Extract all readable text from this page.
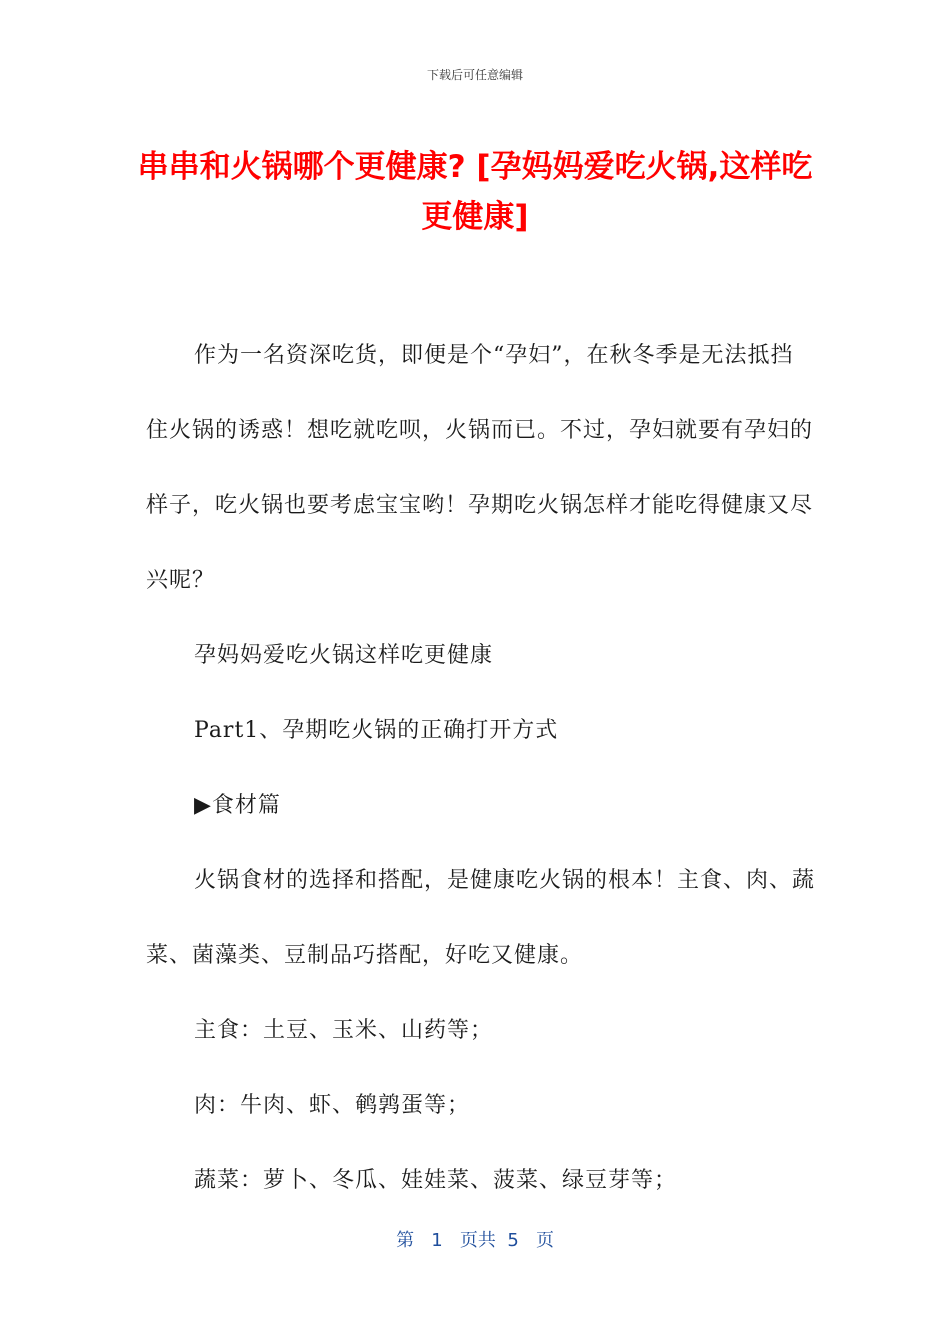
下载后可任意编辑
串串和火锅哪个更健康? [孕妈妈爱吃火锅,这样吃更健康]

作为一名资深吃货，即便是个“孕妇”，在秋冬季是无法抵挡住火锅的诱惑！想吃就吃呗，火锅而已。不过，孕妇就要有孕妇的样子，吃火锅也要考虑宝宝哟！孕期吃火锅怎样才能吃得健康又尽兴呢？

孕妈妈爱吃火锅这样吃更健康

Part1、孕期吃火锅的正确打开方式

▶食材篇

火锅食材的选择和搭配，是健康吃火锅的根本！主食、肉、蔬菜、菌藻类、豆制品巧搭配，好吃又健康。

主食：土豆、玉米、山药等；

肉：牛肉、虾、鹌鹑蛋等；

蔬菜：萝卜、冬瓜、娃娃菜、菠菜、绿豆芽等；

第 1 页共 5 页
